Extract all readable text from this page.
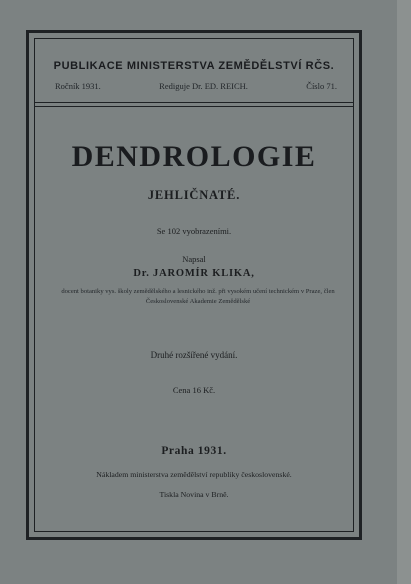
PUBLIKACE MINISTERSTVA ZEMĚDĚLSTVÍ RČS.
Ročník 1931.	Rediguje Dr. ED. REICH.	Číslo 71.
DENDROLOGIE
JEHLIČNATÉ.
Se 102 vyobrazeními.
Napsal
Dr. JAROMÍR KLIKA,
docent botaniky vys. školy zemědělského a lesnického inž. při vysokém učení technickém v Praze, člen Československé Akademie Zemědělské
Druhé rozšířené vydání.
Cena 16 Kč.
Praha 1931.
Nákladem ministerstva zemědělství republiky československé.
Tiskla Novina v Brně.
